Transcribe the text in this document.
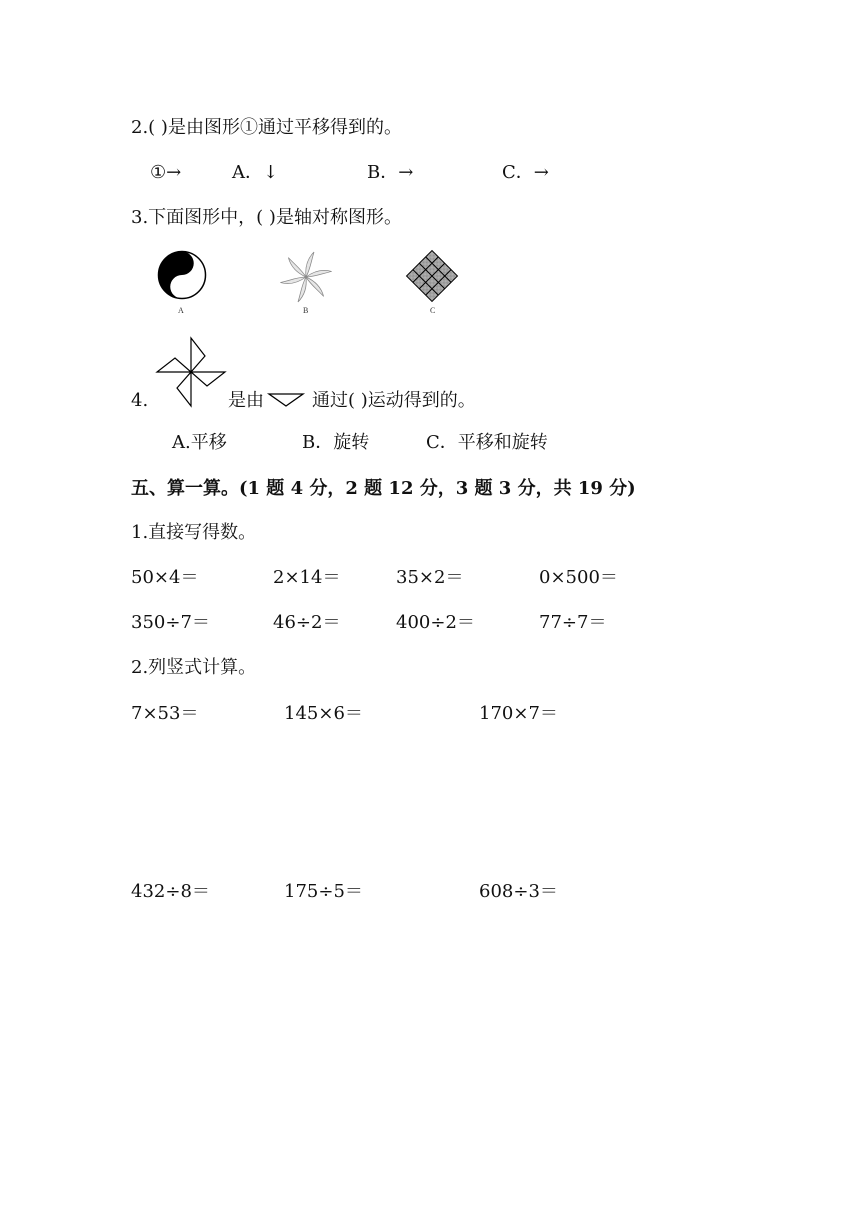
2.( )是由图形①通过平移得到的。
①→	A．↓	B．→	C．→
3.下面图形中，( )是轴对称图形。
A	B	C
4.	是由	通过( )运动得到的。
A.平移	B．旋转	C．平移和旋转
五、算一算。(1 题 4 分，2 题 12 分，3 题 3 分，共 19 分)
1.直接写得数。
50×4＝	2×14＝	35×2＝	0×500＝
350÷7＝	46÷2＝	400÷2＝	77÷7＝
2.列竖式计算。
7×53＝	145×6＝	170×7＝
432÷8＝	175÷5＝	608÷3＝
